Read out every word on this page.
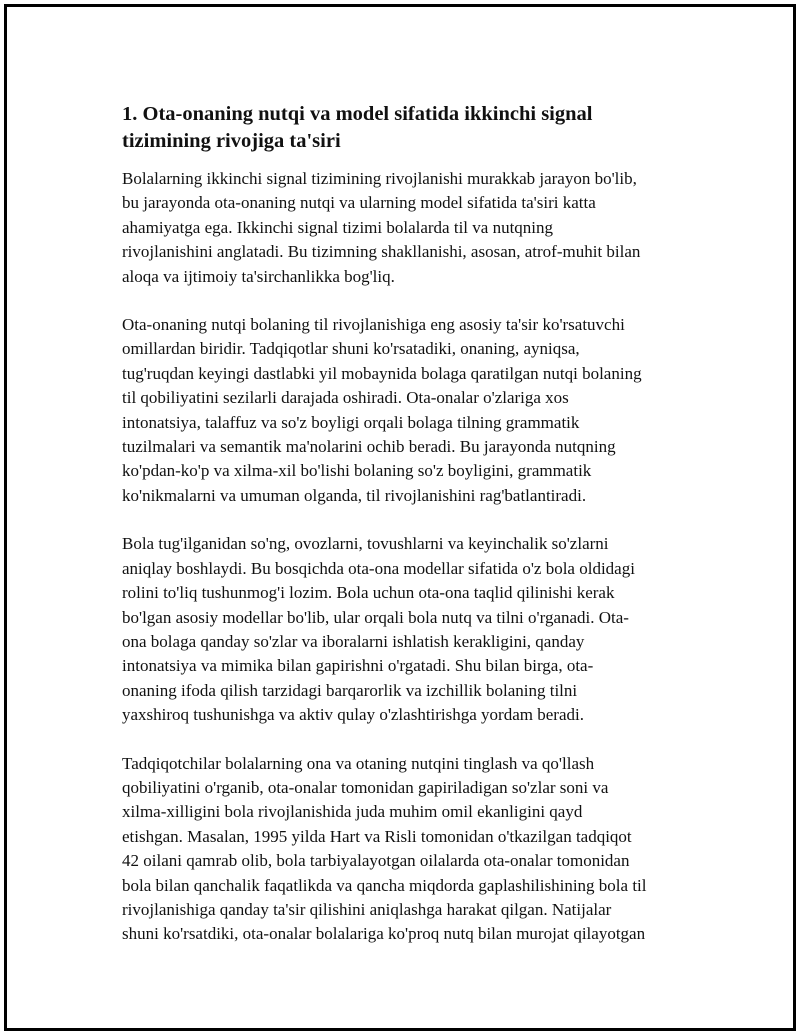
1. Ota-onaning nutqi va model sifatida ikkinchi signal
tizimining rivojiga ta'siri

Bolalarning ikkinchi signal tizimining rivojlanishi murakkab jarayon bo'lib,
bu jarayonda ota-onaning nutqi va ularning model sifatida ta'siri katta
ahamiyatga ega. Ikkinchi signal tizimi bolalarda til va nutqning
rivojlanishini anglatadi. Bu tizimning shakllanishi, asosan, atrof-muhit bilan
aloqa va ijtimoiy ta'sirchanlikka bog'liq.

Ota-onaning nutqi bolaning til rivojlanishiga eng asosiy ta'sir ko'rsatuvchi
omillardan biridir. Tadqiqotlar shuni ko'rsatadiki, onaning, ayniqsa,
tug'ruqdan keyingi dastlabki yil mobaynida bolaga qaratilgan nutqi bolaning
til qobiliyatini sezilarli darajada oshiradi. Ota-onalar o'zlariga xos
intonatsiya, talaffuz va so'z boyligi orqali bolaga tilning grammatik
tuzilmalari va semantik ma'nolarini ochib beradi. Bu jarayonda nutqning
ko'pdan-ko'p va xilma-xil bo'lishi bolaning so'z boyligini, grammatik
ko'nikmalarni va umuman olganda, til rivojlanishini rag'batlantiradi.

Bola tug'ilganidan so'ng, ovozlarni, tovushlarni va keyinchalik so'zlarni
aniqlay boshlaydi. Bu bosqichda ota-ona modellar sifatida o'z bola oldidagi
rolini to'liq tushunmog'i lozim. Bola uchun ota-ona taqlid qilinishi kerak
bo'lgan asosiy modellar bo'lib, ular orqali bola nutq va tilni o'rganadi. Ota-
ona bolaga qanday so'zlar va iboralarni ishlatish kerakligini, qanday
intonatsiya va mimika bilan gapirishni o'rgatadi. Shu bilan birga, ota-
onaning ifoda qilish tarzidagi barqarorlik va izchillik bolaning tilni
yaxshiroq tushunishga va aktiv qulay o'zlashtirishga yordam beradi.

Tadqiqotchilar bolalarning ona va otaning nutqini tinglash va qo'llash
qobiliyatini o'rganib, ota-onalar tomonidan gapiriladigan so'zlar soni va
xilma-xilligini bola rivojlanishida juda muhim omil ekanligini qayd
etishgan. Masalan, 1995 yilda Hart va Risli tomonidan o'tkazilgan tadqiqot
42 oilani qamrab olib, bola tarbiyalayotgan oilalarda ota-onalar tomonidan
bola bilan qanchalik faqatlikda va qancha miqdorda gaplashilishining bola til
rivojlanishiga qanday ta'sir qilishini aniqlashga harakat qilgan. Natijalar
shuni ko'rsatdiki, ota-onalar bolalariga ko'proq nutq bilan murojat qilayotgan
